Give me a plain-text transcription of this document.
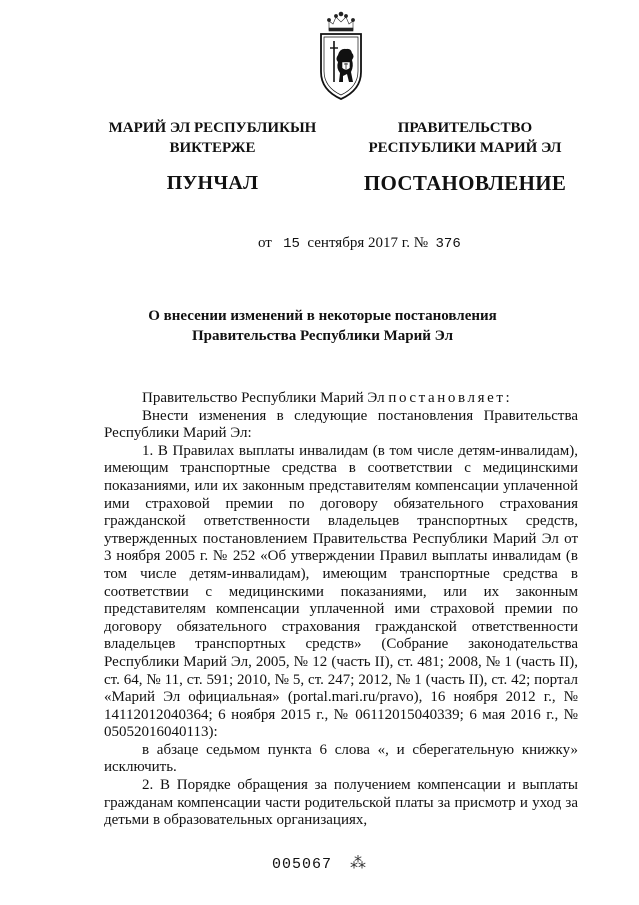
МАРИЙ ЭЛ РЕСПУБЛИКЫН
ВИКТЕРЖЕ
ПУНЧАЛ
ПРАВИТЕЛЬСТВО
РЕСПУБЛИКИ МАРИЙ ЭЛ
ПОСТАНОВЛЕНИЕ
от 15 сентября 2017 г. № 376
О внесении изменений в некоторые постановления
Правительства Республики Марий Эл

Правительство Республики Марий Эл постановляет:

Внести изменения в следующие постановления Правительства Республики Марий Эл:

1. В Правилах выплаты инвалидам (в том числе детям-инвалидам), имеющим транспортные средства в соответствии с медицинскими показаниями, или их законным представителям компенсации уплаченной ими страховой премии по договору обязательного страхования гражданской ответственности владельцев транспортных средств, утвержденных постановлением Правительства Республики Марий Эл от 3 ноября 2005 г. № 252 «Об утверждении Правил выплаты инвалидам (в том числе детям-инвалидам), имеющим транспортные средства в соответствии с медицинскими показаниями, или их законным представителям компенсации уплаченной ими страховой премии по договору обязательного страхования гражданской ответственности владельцев транспортных средств» (Собрание законодательства Республики Марий Эл, 2005, № 12 (часть II), ст. 481; 2008, № 1 (часть II), ст. 64, № 11, ст. 591; 2010, № 5, ст. 247; 2012, № 1 (часть II), ст. 42; портал «Марий Эл официальная» (portal.mari.ru/pravo), 16 ноября 2012 г., № 14112012040364; 6 ноября 2015 г., № 06112015040339; 6 мая 2016 г., № 05052016040113):

в абзаце седьмом пункта 6 слова «, и сберегательную книжку» исключить.

2. В Порядке обращения за получением компенсации и выплаты гражданам компенсации части родительской платы за присмотр и уход за детьми в образовательных организациях,

005067 ⁂
